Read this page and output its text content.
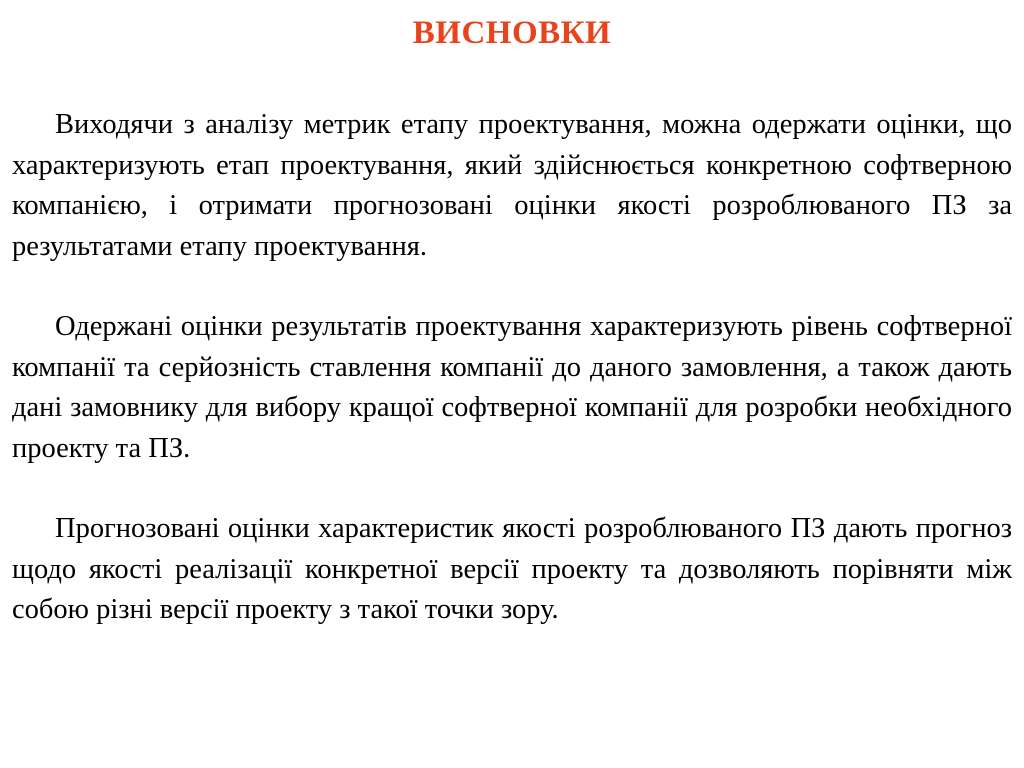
ВИСНОВКИ

Виходячи з аналізу метрик етапу проектування, можна одержати оцінки, що характеризують етап проектування, який здійснюється конкретною софтверною компанією, і отримати прогнозовані оцінки якості розроблюваного ПЗ за результатами етапу проектування.

Одержані оцінки результатів проектування характеризують рівень софтверної компанії та серйозність ставлення компанії до даного замовлення, а також дають дані замовнику для вибору кращої софтверної компанії для розробки необхідного проекту та ПЗ.

Прогнозовані оцінки характеристик якості розроблюваного ПЗ дають прогноз щодо якості реалізації конкретної версії проекту та дозволяють порівняти між собою різні версії проекту з такої точки зору.
